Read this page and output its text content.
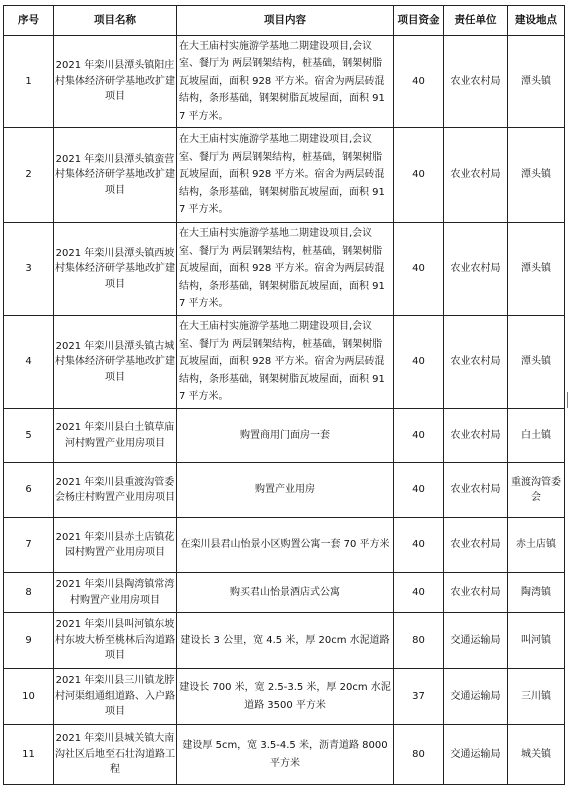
序号	项目名称	项目内容	项目资金	责任单位	建设地点
1	2021 年栾川县潭头镇阳庄村集体经济研学基地改扩建项目	在大王庙村实施游学基地二期建设项目,会议室、餐厅为 两层钢架结构，桩基础，钢架树脂瓦坡屋面，面积 928 平方米。宿舍为两层砖混结构，条形基础，钢架树脂瓦坡屋面，面积 917 平方米。	40	农业农村局	潭头镇
2	2021 年栾川县潭头镇蛮营村集体经济研学基地改扩建项目	在大王庙村实施游学基地二期建设项目,会议室、餐厅为 两层钢架结构，桩基础，钢架树脂瓦坡屋面，面积 928 平方米。宿舍为两层砖混结构，条形基础，钢架树脂瓦坡屋面，面积 917 平方米。	40	农业农村局	潭头镇
3	2021 年栾川县潭头镇西坡村集体经济研学基地改扩建项目	在大王庙村实施游学基地二期建设项目,会议室、餐厅为 两层钢架结构，桩基础，钢架树脂瓦坡屋面，面积 928 平方米。宿舍为两层砖混结构，条形基础，钢架树脂瓦坡屋面，面积 917 平方米。	40	农业农村局	潭头镇
4	2021 年栾川县潭头镇古城村集体经济研学基地改扩建项目	在大王庙村实施游学基地二期建设项目,会议室、餐厅为 两层钢架结构，桩基础，钢架树脂瓦坡屋面，面积 928 平方米。宿舍为两层砖混结构，条形基础，钢架树脂瓦坡屋面，面积 917 平方米。	40	农业农村局	潭头镇
5	2021 年栾川县白土镇草庙河村购置产业用房项目	购置商用门面房一套	40	农业农村局	白土镇
6	2021 年栾川县重渡沟管委会杨庄村购置产业用房项目	购置产业用房	40	农业农村局	重渡沟管委会
7	2021 年栾川县赤土店镇花园村购置产业用房项目	在栾川县君山怡景小区购置公寓一套 70 平方米	40	农业农村局	赤土店镇
8	2021 年栾川县陶湾镇常湾村购置产业用房项目	购买君山怡景酒店式公寓	40	农业农村局	陶湾镇
9	2021 年栾川县叫河镇东坡村东坡大桥至桃林后沟道路项目	建设长 3 公里，宽 4.5 米，厚 20cm 水泥道路	80	交通运输局	叫河镇
10	2021 年栾川县三川镇龙脖村河渠组通组道路、入户路项目	建设长 700 米，宽 2.5-3.5 米，厚 20cm 水泥道路 3500 平方米	37	交通运输局	三川镇
11	2021 年栾川县城关镇大南沟社区后地至石壮沟道路工程	建设厚 5cm，宽 3.5-4.5 米，沥青道路 8000 平方米	80	交通运输局	城关镇
